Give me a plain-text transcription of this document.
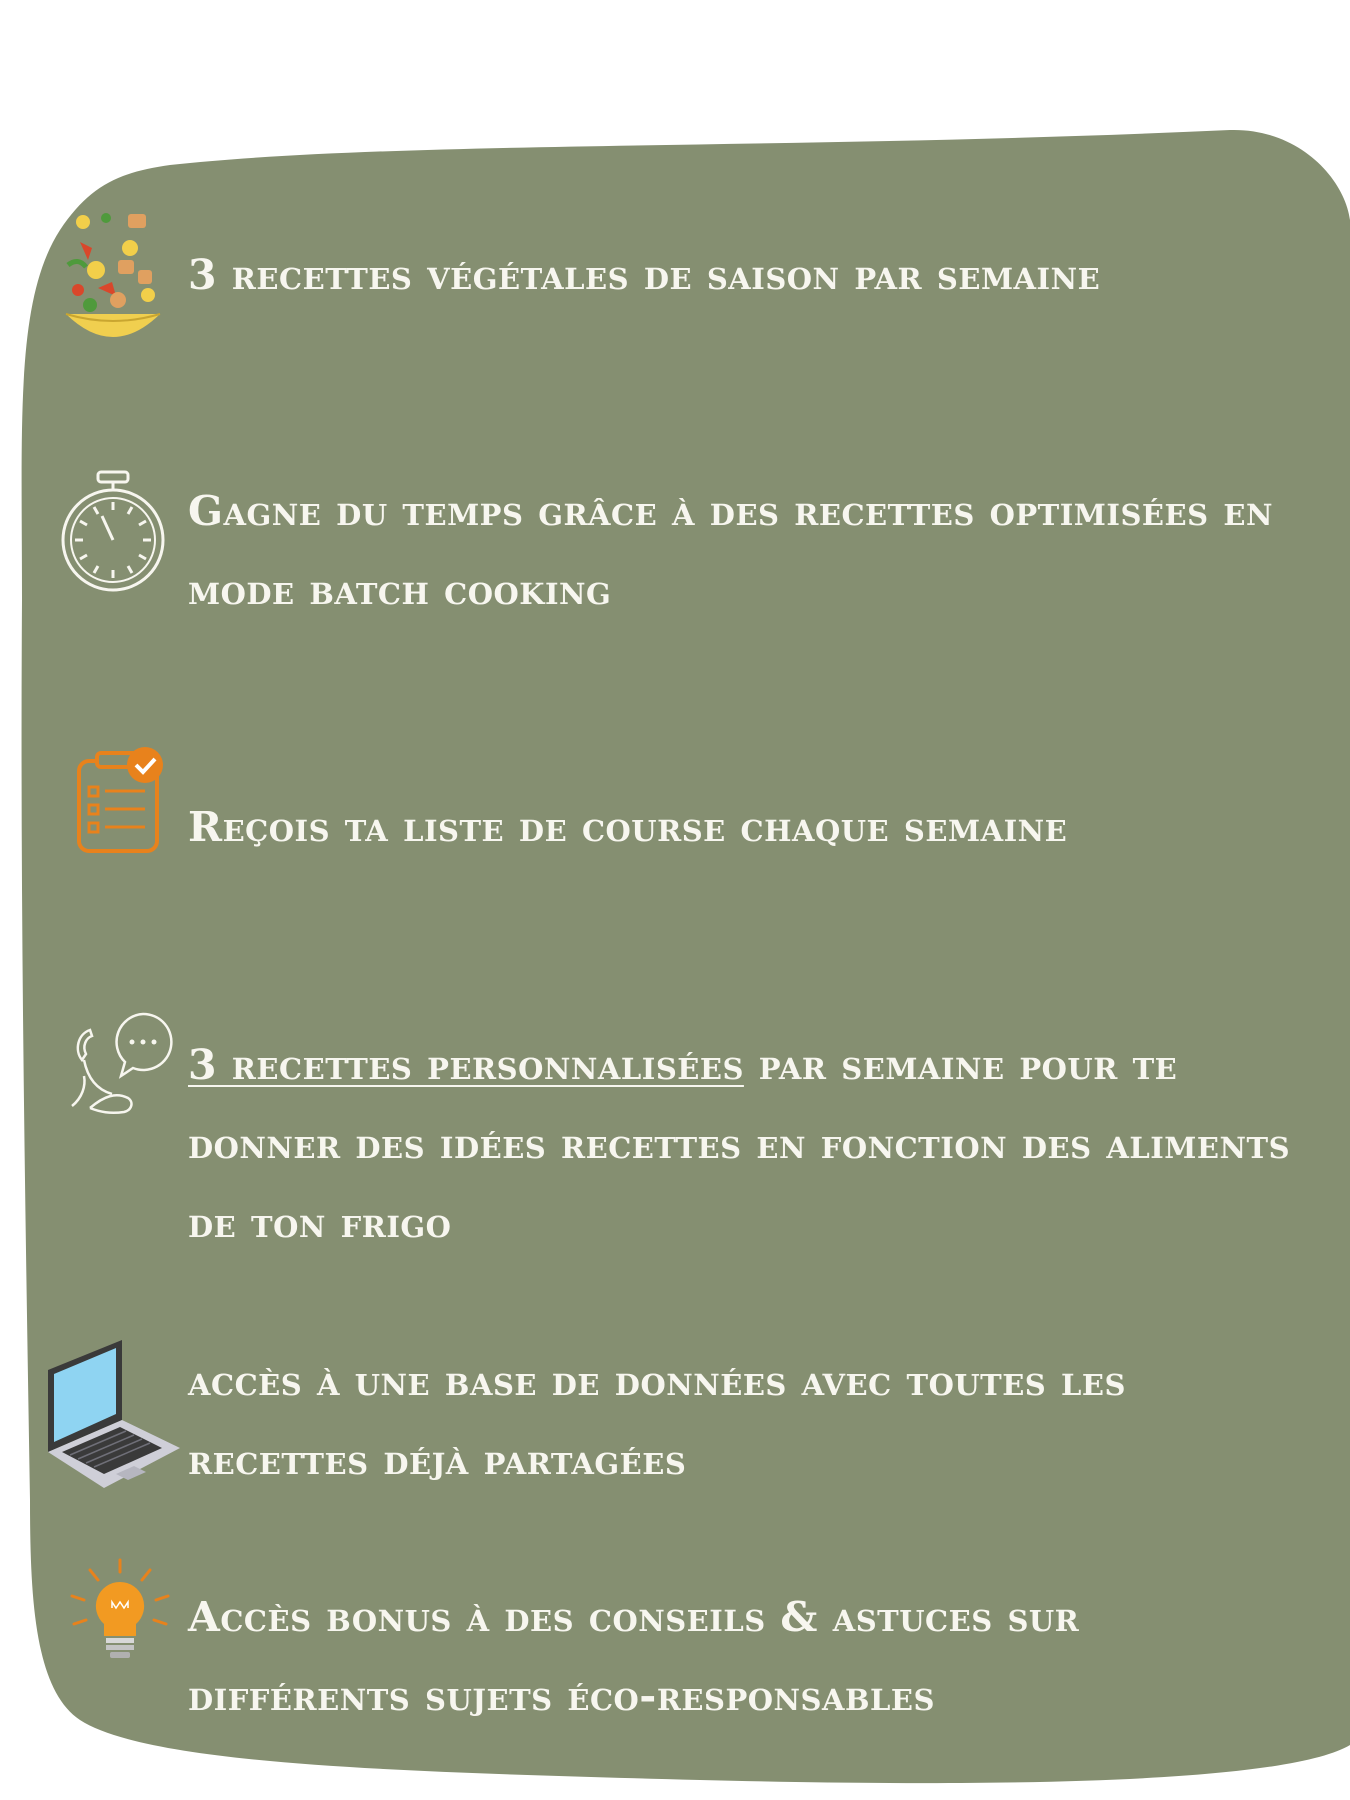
3 recettes végétales de saison par semaine
Gagne du temps grâce à des recettes optimisées en mode batch cooking
Reçois ta liste de course chaque semaine
3 recettes personnalisées par semaine pour te donner des idées recettes en fonction des aliments de ton frigo
accès à une base de données avec toutes les recettes déjà partagées
Accès bonus à des conseils & astuces sur différents sujets éco-responsables
